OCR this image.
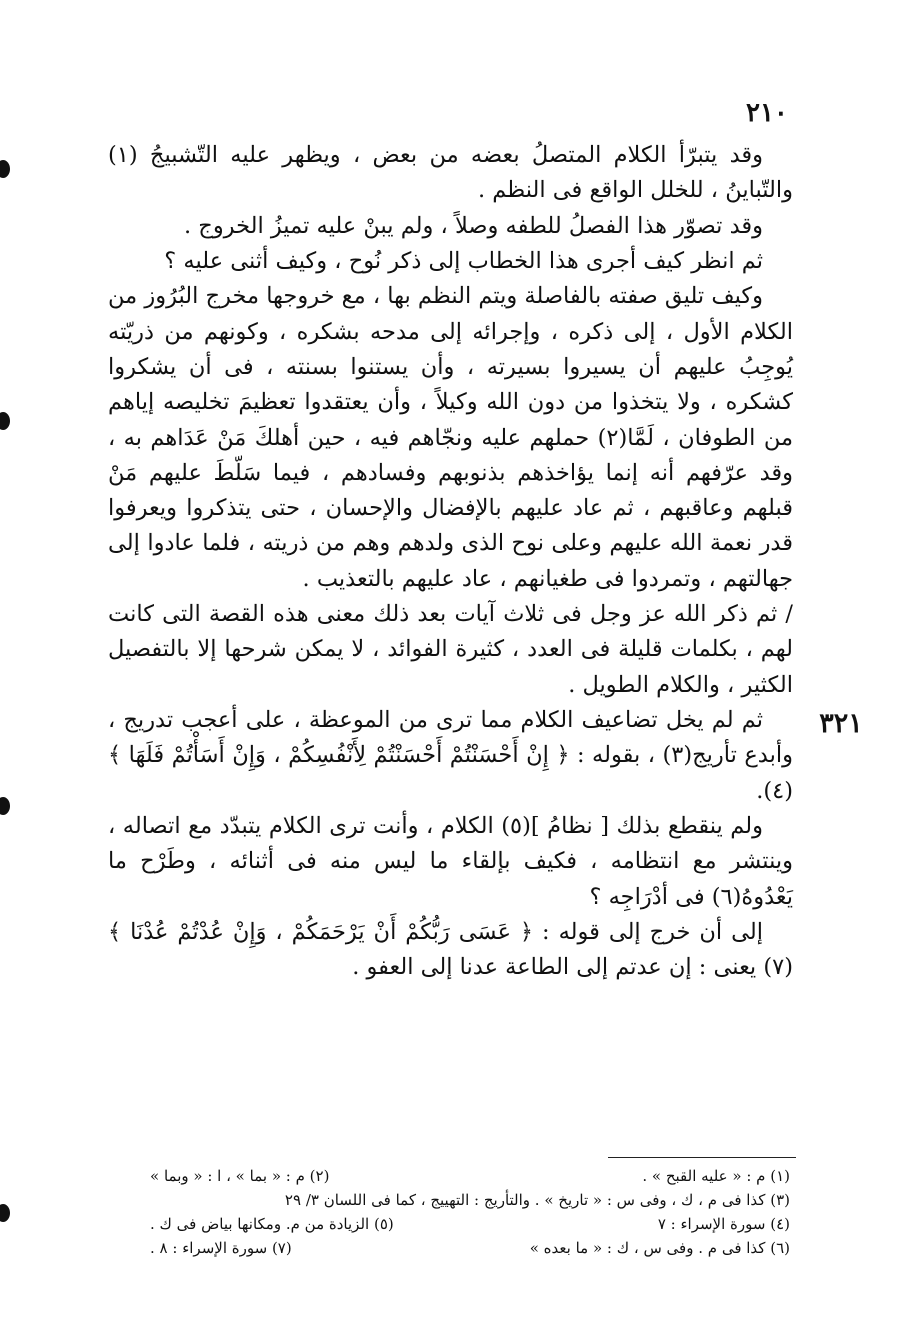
٢١٠
٣٢١

وقد يتبرّأ الكلام المتصلُ بعضه من بعض ، ويظهر عليه التّشبيجُ (١) والتّباينُ ، للخلل الواقع فى النظم .

وقد تصوّر هذا الفصلُ للطفه وصلاً ، ولم يبنْ عليه تميزُ الخروج .

ثم انظر كيف أجرى هذا الخطاب إلى ذكر نُوح ، وكيف أثنى عليه ؟

وكيف تليق صفته بالفاصلة ويتم النظم بها ، مع خروجها مخرج البُرُوز من الكلام الأول ، إلى ذكره ، وإجرائه إلى مدحه بشكره ، وكونهم من ذريّته يُوجِبُ عليهم أن يسيروا بسيرته ، وأن يستنوا بسنته ، فى أن يشكروا كشكره ، ولا يتخذوا من دون الله وكيلاً ، وأن يعتقدوا تعظيمَ تخليصه إياهم من الطوفان ، لَمَّا(٢) حملهم عليه ونجّاهم فيه ، حين أهلكَ مَنْ عَدَاهم به ، وقد عرّفهم أنه إنما يؤاخذهم بذنوبهم وفسادهم ، فيما سَلّطَ عليهم مَنْ قبلهم وعاقبهم ، ثم عاد عليهم بالإفضال والإحسان ، حتى يتذكروا ويعرفوا قدر نعمة الله عليهم وعلى نوح الذى ولدهم وهم من ذريته ، فلما عادوا إلى جهالتهم ، وتمردوا فى طغيانهم ، عاد عليهم بالتعذيب .

/ ثم ذكر الله عز وجل فى ثلاث آيات بعد ذلك معنى هذه القصة التى كانت لهم ، بكلمات قليلة فى العدد ، كثيرة الفوائد ، لا يمكن شرحها إلا بالتفصيل الكثير ، والكلام الطويل .

ثم لم يخل تضاعيف الكلام مما ترى من الموعظة ، على أعجب تدريج ، وأبدع تأريج(٣) ، بقوله : ﴿ إِنْ أَحْسَنْتُمْ أَحْسَنْتُمْ لِأَنْفُسِكُمْ ، وَإِنْ أَسَأْتُمْ فَلَهَا ﴾(٤).

ولم ينقطع بذلك [ نظامُ ](٥) الكلام ، وأنت ترى الكلام يتبدّد مع اتصاله ، وينتشر مع انتظامه ، فكيف بإلقاء ما ليس منه فى أثنائه ، وطَرْح ما يَعْدُوهُ(٦) فى أدْرَاجِه ؟

إلى أن خرج إلى قوله : ﴿ عَسَى رَبُّكُمْ أَنْ يَرْحَمَكُمْ ، وَإِنْ عُدْتُمْ عُدْنَا ﴾(٧) يعنى : إن عدتم إلى الطاعة عدنا إلى العفو .

(١) م : « عليه القبح » .
(٢) م : « بما » ، ا : « وبما »
(٣) كذا فى م ، ك ، وفى س : « تاريخ » . والتأريج : التهييج ، كما فى اللسان ٣/ ٢٩
(٤) سورة الإسراء : ٧
(٥) الزيادة من م. ومكانها بياض فى ك .
(٦) كذا فى م . وفى س ، ك : « ما بعده »
(٧) سورة الإسراء : ٨ .
